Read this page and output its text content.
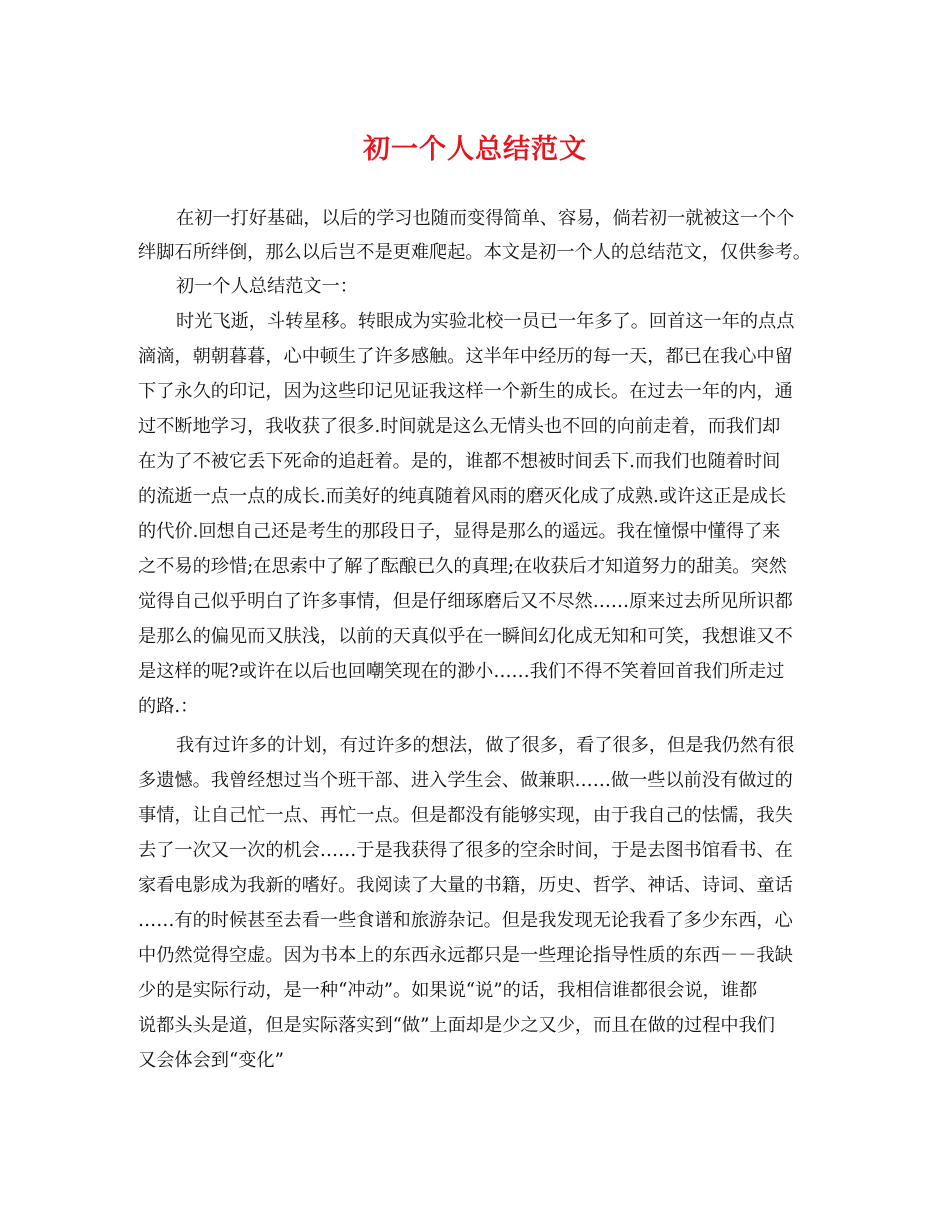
初一个人总结范文
在初一打好基础，以后的学习也随而变得简单、容易，倘若初一就被这一个个
绊脚石所绊倒，那么以后岂不是更难爬起。本文是初一个人的总结范文，仅供参考。
初一个人总结范文一：
时光飞逝，斗转星移。转眼成为实验北校一员已一年多了。回首这一年的点点
滴滴，朝朝暮暮，心中顿生了许多感触。这半年中经历的每一天，都已在我心中留
下了永久的印记，因为这些印记见证我这样一个新生的成长。在过去一年的内，通
过不断地学习，我收获了很多.时间就是这么无情头也不回的向前走着，而我们却
在为了不被它丢下死命的追赶着。是的，谁都不想被时间丢下.而我们也随着时间
的流逝一点一点的成长.而美好的纯真随着风雨的磨灭化成了成熟.或许这正是成长
的代价.回想自己还是考生的那段日子，显得是那么的遥远。我在憧憬中懂得了来
之不易的珍惜;在思索中了解了酝酿已久的真理;在收获后才知道努力的甜美。突然
觉得自己似乎明白了许多事情，但是仔细琢磨后又不尽然……原来过去所见所识都
是那么的偏见而又肤浅，以前的天真似乎在一瞬间幻化成无知和可笑，我想谁又不
是这样的呢?或许在以后也回嘲笑现在的渺小……我们不得不笑着回首我们所走过
的路.：
我有过许多的计划，有过许多的想法，做了很多，看了很多，但是我仍然有很
多遗憾。我曾经想过当个班干部、进入学生会、做兼职……做一些以前没有做过的
事情，让自己忙一点、再忙一点。但是都没有能够实现，由于我自己的怯懦，我失
去了一次又一次的机会……于是我获得了很多的空余时间，于是去图书馆看书、在
家看电影成为我新的嗜好。我阅读了大量的书籍，历史、哲学、神话、诗词、童话
……有的时候甚至去看一些食谱和旅游杂记。但是我发现无论我看了多少东西，心
中仍然觉得空虚。因为书本上的东西永远都只是一些理论指导性质的东西－－我缺
少的是实际行动，是一种“冲动”。如果说“说”的话，我相信谁都很会说，谁都
说都头头是道，但是实际落实到“做”上面却是少之又少，而且在做的过程中我们
又会体会到“变化”
